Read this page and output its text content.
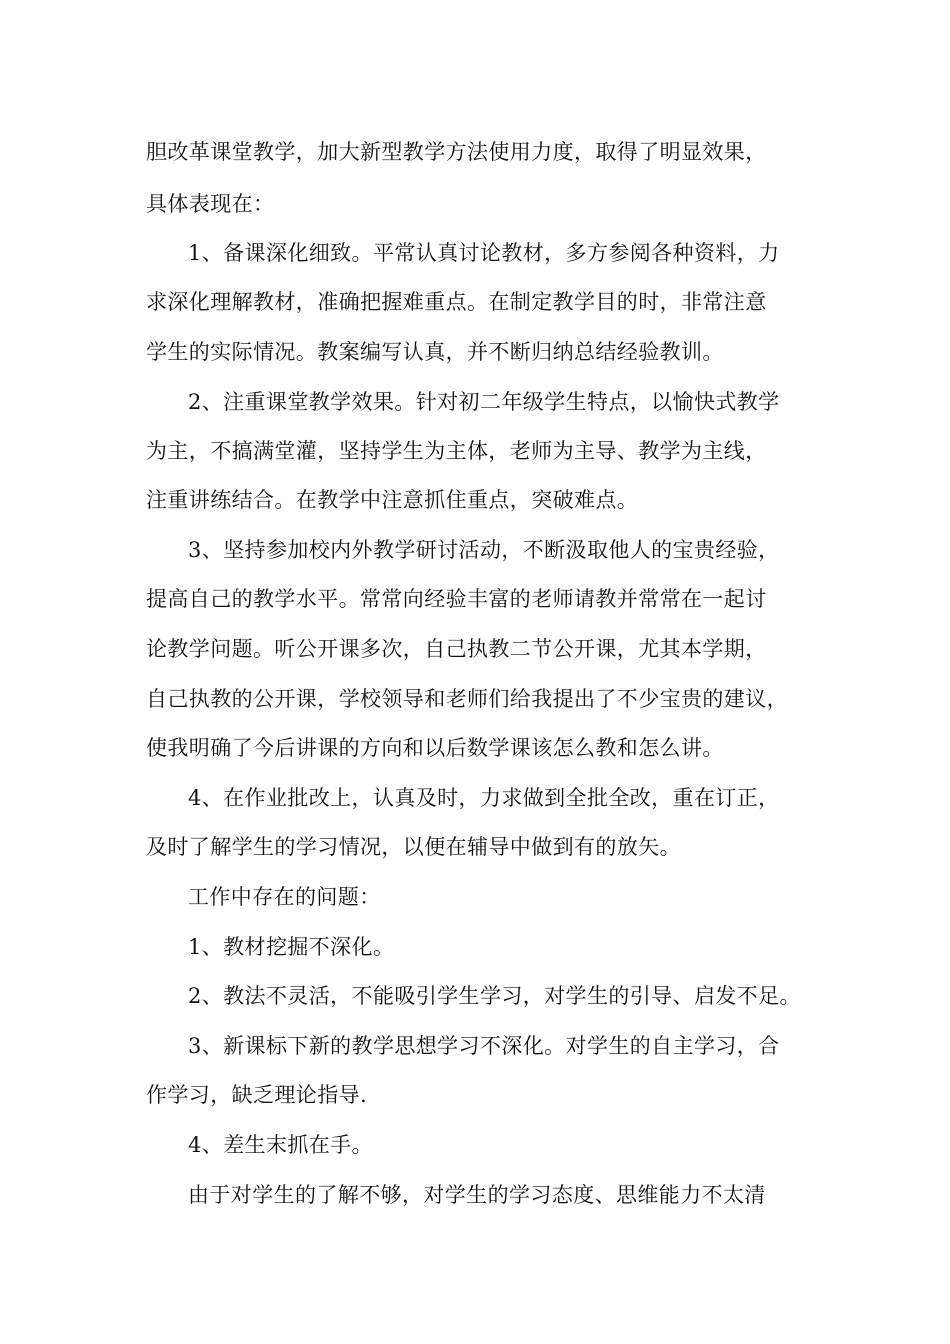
胆改革课堂教学，加大新型教学方法使用力度，取得了明显效果，
具体表现在：
1、备课深化细致。平常认真讨论教材，多方参阅各种资料，力
求深化理解教材，准确把握难重点。在制定教学目的时，非常注意
学生的实际情况。教案编写认真，并不断归纳总结经验教训。
2、注重课堂教学效果。针对初二年级学生特点，以愉快式教学
为主，不搞满堂灌，坚持学生为主体，老师为主导、教学为主线，
注重讲练结合。在教学中注意抓住重点，突破难点。
3、坚持参加校内外教学研讨活动，不断汲取他人的宝贵经验，
提高自己的教学水平。常常向经验丰富的老师请教并常常在一起讨
论教学问题。听公开课多次，自己执教二节公开课，尤其本学期，
自己执教的公开课，学校领导和老师们给我提出了不少宝贵的建议，
使我明确了今后讲课的方向和以后数学课该怎么教和怎么讲。
4、在作业批改上，认真及时，力求做到全批全改，重在订正，
及时了解学生的学习情况，以便在辅导中做到有的放矢。
工作中存在的问题：
1、教材挖掘不深化。
2、教法不灵活，不能吸引学生学习，对学生的引导、启发不足。
3、新课标下新的教学思想学习不深化。对学生的自主学习，合
作学习，缺乏理论指导.
4、差生末抓在手。
由于对学生的了解不够，对学生的学习态度、思维能力不太清
